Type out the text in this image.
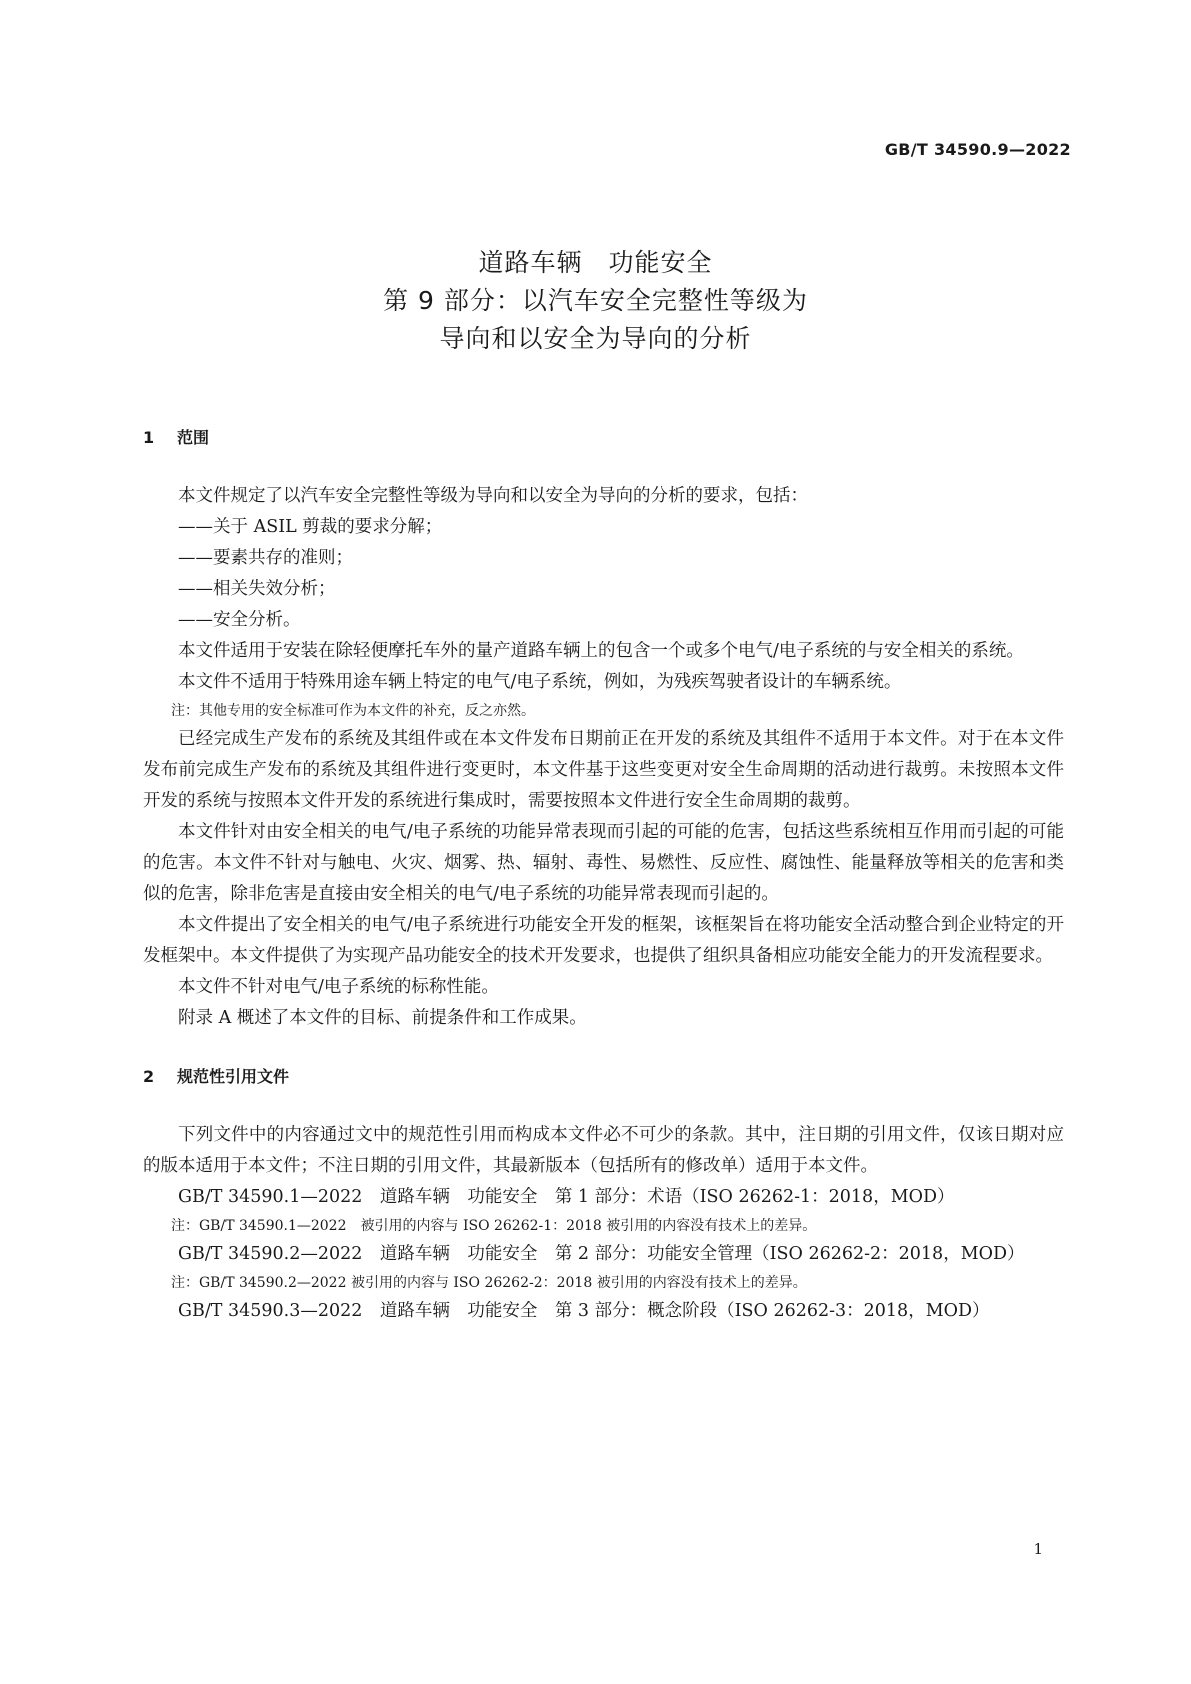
GB/T 34590.9—2022
道路车辆　功能安全
第 9 部分：以汽车安全完整性等级为
导向和以安全为导向的分析
1 范围

本文件规定了以汽车安全完整性等级为导向和以安全为导向的分析的要求，包括：

——关于 ASIL 剪裁的要求分解；

——要素共存的准则；

——相关失效分析；

——安全分析。

本文件适用于安装在除轻便摩托车外的量产道路车辆上的包含一个或多个电气/电子系统的与安全相关的系统。

本文件不适用于特殊用途车辆上特定的电气/电子系统，例如，为残疾驾驶者设计的车辆系统。

注：其他专用的安全标准可作为本文件的补充，反之亦然。

已经完成生产发布的系统及其组件或在本文件发布日期前正在开发的系统及其组件不适用于本文件。对于在本文件发布前完成生产发布的系统及其组件进行变更时，本文件基于这些变更对安全生命周期的活动进行裁剪。未按照本文件开发的系统与按照本文件开发的系统进行集成时，需要按照本文件进行安全生命周期的裁剪。

本文件针对由安全相关的电气/电子系统的功能异常表现而引起的可能的危害，包括这些系统相互作用而引起的可能的危害。本文件不针对与触电、火灾、烟雾、热、辐射、毒性、易燃性、反应性、腐蚀性、能量释放等相关的危害和类似的危害，除非危害是直接由安全相关的电气/电子系统的功能异常表现而引起的。

本文件提出了安全相关的电气/电子系统进行功能安全开发的框架，该框架旨在将功能安全活动整合到企业特定的开发框架中。本文件提供了为实现产品功能安全的技术开发要求，也提供了组织具备相应功能安全能力的开发流程要求。

本文件不针对电气/电子系统的标称性能。

附录 A 概述了本文件的目标、前提条件和工作成果。

2 规范性引用文件

下列文件中的内容通过文中的规范性引用而构成本文件必不可少的条款。其中，注日期的引用文件，仅该日期对应的版本适用于本文件；不注日期的引用文件，其最新版本（包括所有的修改单）适用于本文件。

GB/T 34590.1—2022　道路车辆　功能安全　第 1 部分：术语（ISO 26262-1：2018，MOD）

注：GB/T 34590.1—2022　被引用的内容与 ISO 26262-1：2018 被引用的内容没有技术上的差异。

GB/T 34590.2—2022　道路车辆　功能安全　第 2 部分：功能安全管理（ISO 26262-2：2018，MOD）

注：GB/T 34590.2—2022 被引用的内容与 ISO 26262-2：2018 被引用的内容没有技术上的差异。

GB/T 34590.3—2022　道路车辆　功能安全　第 3 部分：概念阶段（ISO 26262-3：2018，MOD）

1
